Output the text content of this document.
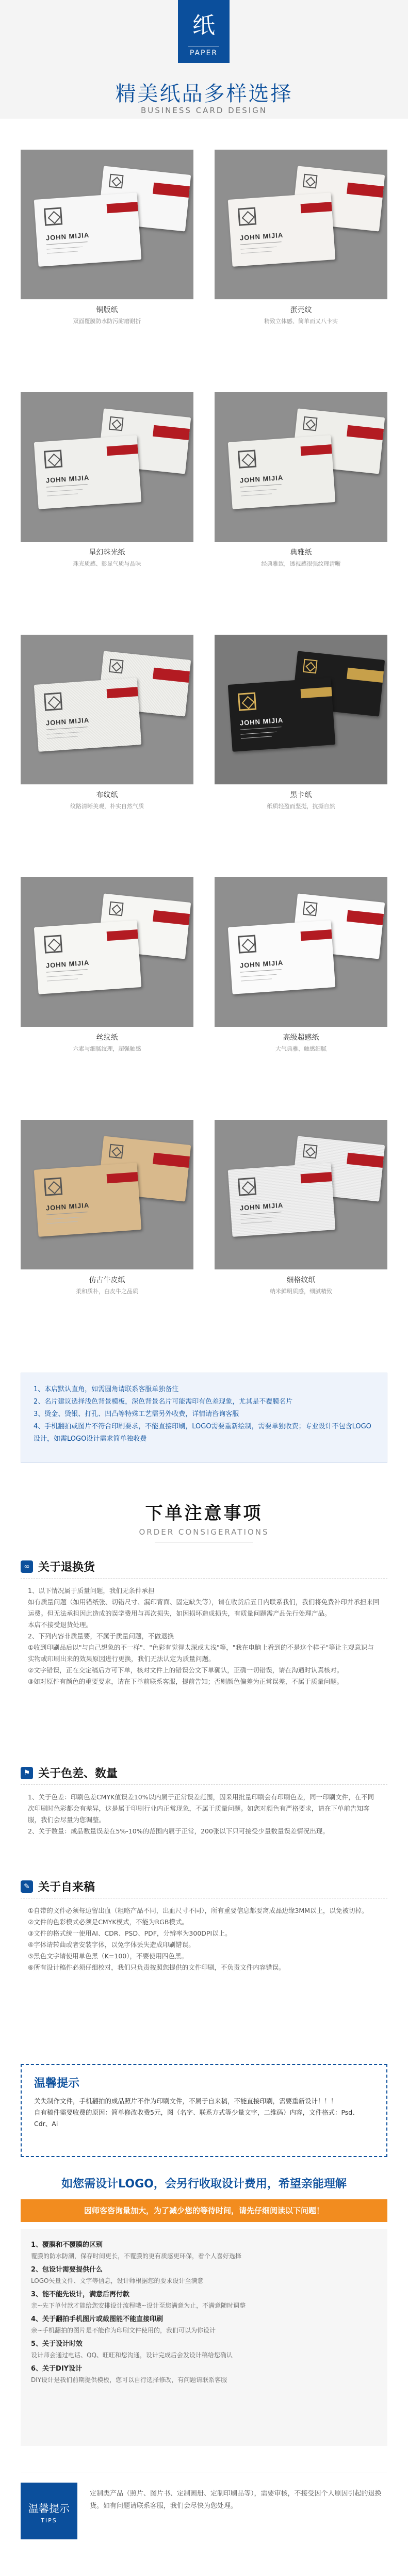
纸
PAPER
精美纸品多样选择
BUSINESS CARD DESIGN
JOHN MIJIA
铜版纸
双面覆膜防水防污耐磨耐折
JOHN MIJIA
蛋壳纹
精致立体感、简单而又八卡实
JOHN MIJIA
星幻珠光纸
珠光质感、彰显气质与品味
JOHN MIJIA
典雅纸
经典雅致，透视感很强纹理清晰
JOHN MIJIA
布纹纸
纹路清晰美观，朴实自然气质
JOHN MIJIA
黑卡纸
纸质轻盈而坚挺，抗撕自然
JOHN MIJIA
丝纹纸
六素与细腻纹理，超强触感
JOHN MIJIA
高级超感纸
大气典雅、触感细腻
JOHN MIJIA
仿古牛皮纸
柔和质朴，白皮牛之品质
JOHN MIJIA
细格纹纸
纳米鲜明质感，细腻精致

1、本店默认直角，如需圆角请联系客服单独备注

2、名片建议选择浅色背景模板，深色背景名片可能需印有色差现象，尤其是不覆膜名片

3、烫金、烫银、打孔、凹凸等特殊工艺需另外收费，详情请咨询客服

4、手机翻拍或图片不符合印刷要求，不能直接印刷，LOGO需要重新绘制，需要单独收费；专业设计不包含LOGO设计，如需LOGO设计需求简单独收费

下单注意事项
ORDER CONSIGERATIONS
∞ 关于退换货

1、以下情况属于质量问题，我们无条件承担

如有质量问题（如用错纸张、切错尺寸、漏印背面、固定缺失等），请在收货后五日内联系我们，我们将免费补印并承担来回运费。但无法承担因此造成的误学费用与再次损失，如因损坏造成损失，有质量问题需产品先行处理产品。

本店不接受退货处理。

2、下列内容非质量要，不属于质量问题，不做退换

①收到印刷品后以"与自己想象的不一样"、"色彩有觉得太深或太浅"等，"我在电脑上看到的不是这个样子"等让主观意识与实物或印刷出来的效果原因进行更换，我们无法认定为质量问题。

②文字错误，正在交定稿后方可下单，核对文件上的错误公文下单确认，正确一切错误，请在沟通时认真核对。

③如对原件有颜色的重要要求，请在下单前联系客服，提前告知；否则颜色偏差为正常误差，不属于质量问题。

⚑ 关于色差、数量

1、关于色差：印刷色差CMYK值误差10%以内属于正常误差范围，因采用批量印刷会有印刷色差，同一印刷文件，在不同次印刷时色彩都会有差异，这是属于印刷行业内正常现象，不属于质量问题。如您对颜色有严格要求，请在下单前告知客服，我们会尽量为您调整。

2、关于数量：成品数量误差在5%-10%的范围内属于正常，200张以下只可接受少量数量误差情况出现。

✎ 关于自来稿

①自带的文件必须每边留出血（粗略产品不同，出血尺寸不同），所有重要信息都要离成品边缘3MM以上，以免被切掉。

②文件的色彩模式必须是CMYK模式，不能为RGB模式。

③文件的格式统一使用AI、CDR、PSD、PDF，分辨率为300DPI以上。

④字体请转曲或者安装字体，以免字体丢失造成印刷错误。

⑤黑色文字请使用单色黑（K=100），不要使用四色黑。

⑥所有设计稿件必须仔细校对，我们只负责按照您提供的文件印刷，不负责文件内容错误。

温馨提示

关失制作文件，手机翻拍的成品照片不作为印刷文件，不属于自来稿，不能直接印刷，需要重新设计！！！

自有稿件需要收费的原因：简单修改收费5元，图（名字、联系方式等少量文字，二维码）内容，文件格式：Psd、Cdr、Ai

如您需设计LOGO，会另行收取设计费用，希望亲能理解
因师客咨询量加大，为了减少您的等待时间，请先仔细阅读以下问题！
1、覆膜和不覆膜的区别
覆膜的防水防潮，保存时间更长，不覆膜的更有质感更环保，看个人喜好选择
2、包设计需要提供什么
LOGO矢量文件、文字等信息，设计师根据您的要求设计至满意
3、能不能先设计，满意后再付款
亲~先下单付款才能给您安排设计流程哦~设计至您满意为止，不满意随时调整
4、关于翻拍手机图片或截图能不能直接印刷
亲~手机翻拍的图片是不能作为印刷文件使用的，我们可以为你设计
5、关于设计时效
设计师会通过电话、QQ、旺旺和您沟通，设计完成后会发设计稿给您确认
6、关于DIY设计
DIY设计是我们前期提供模板，您可以自行选择修改，有问题请联系客服
温馨提示
TIPS
定制类产品（照片、图片书、定制画册、定制印刷品等），需要审核，不接受因个人原因引起的退换货。如有问题请联系客服，我们会尽快为您处理。
